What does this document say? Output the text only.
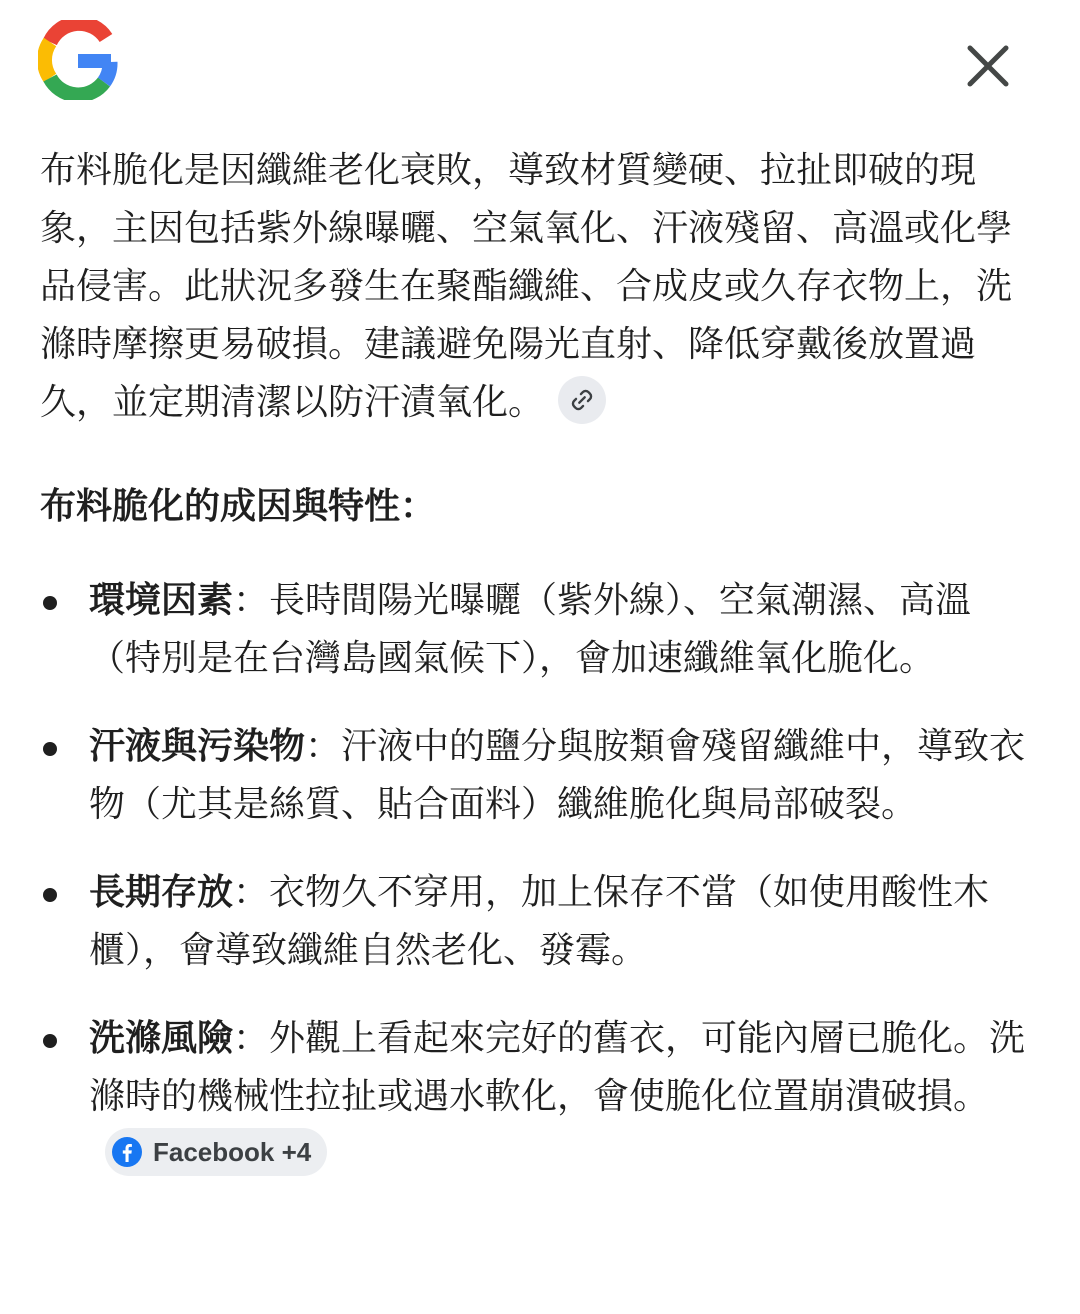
布料脆化是因纖維老化衰敗，導致材質變硬、拉扯即破的現象，主因包括紫外線曝曬、空氣氧化、汗液殘留、高溫或化學品侵害。此狀況多發生在聚酯纖維、合成皮或久存衣物上，洗滌時摩擦更易破損。建議避免陽光直射、降低穿戴後放置過久，並定期清潔以防汗漬氧化。

布料脆化的成因與特性：
環境因素：長時間陽光曝曬（紫外線）、空氣潮濕、高溫（特別是在台灣島國氣候下），會加速纖維氧化脆化。
汗液與污染物：汗液中的鹽分與胺類會殘留纖維中，導致衣物（尤其是絲質、貼合面料）纖維脆化與局部破裂。
長期存放：衣物久不穿用，加上保存不當（如使用酸性木櫃），會導致纖維自然老化、發霉。
洗滌風險：外觀上看起來完好的舊衣，可能內層已脆化。洗滌時的機械性拉扯或遇水軟化，會使脆化位置崩潰破損。
Facebook +4
